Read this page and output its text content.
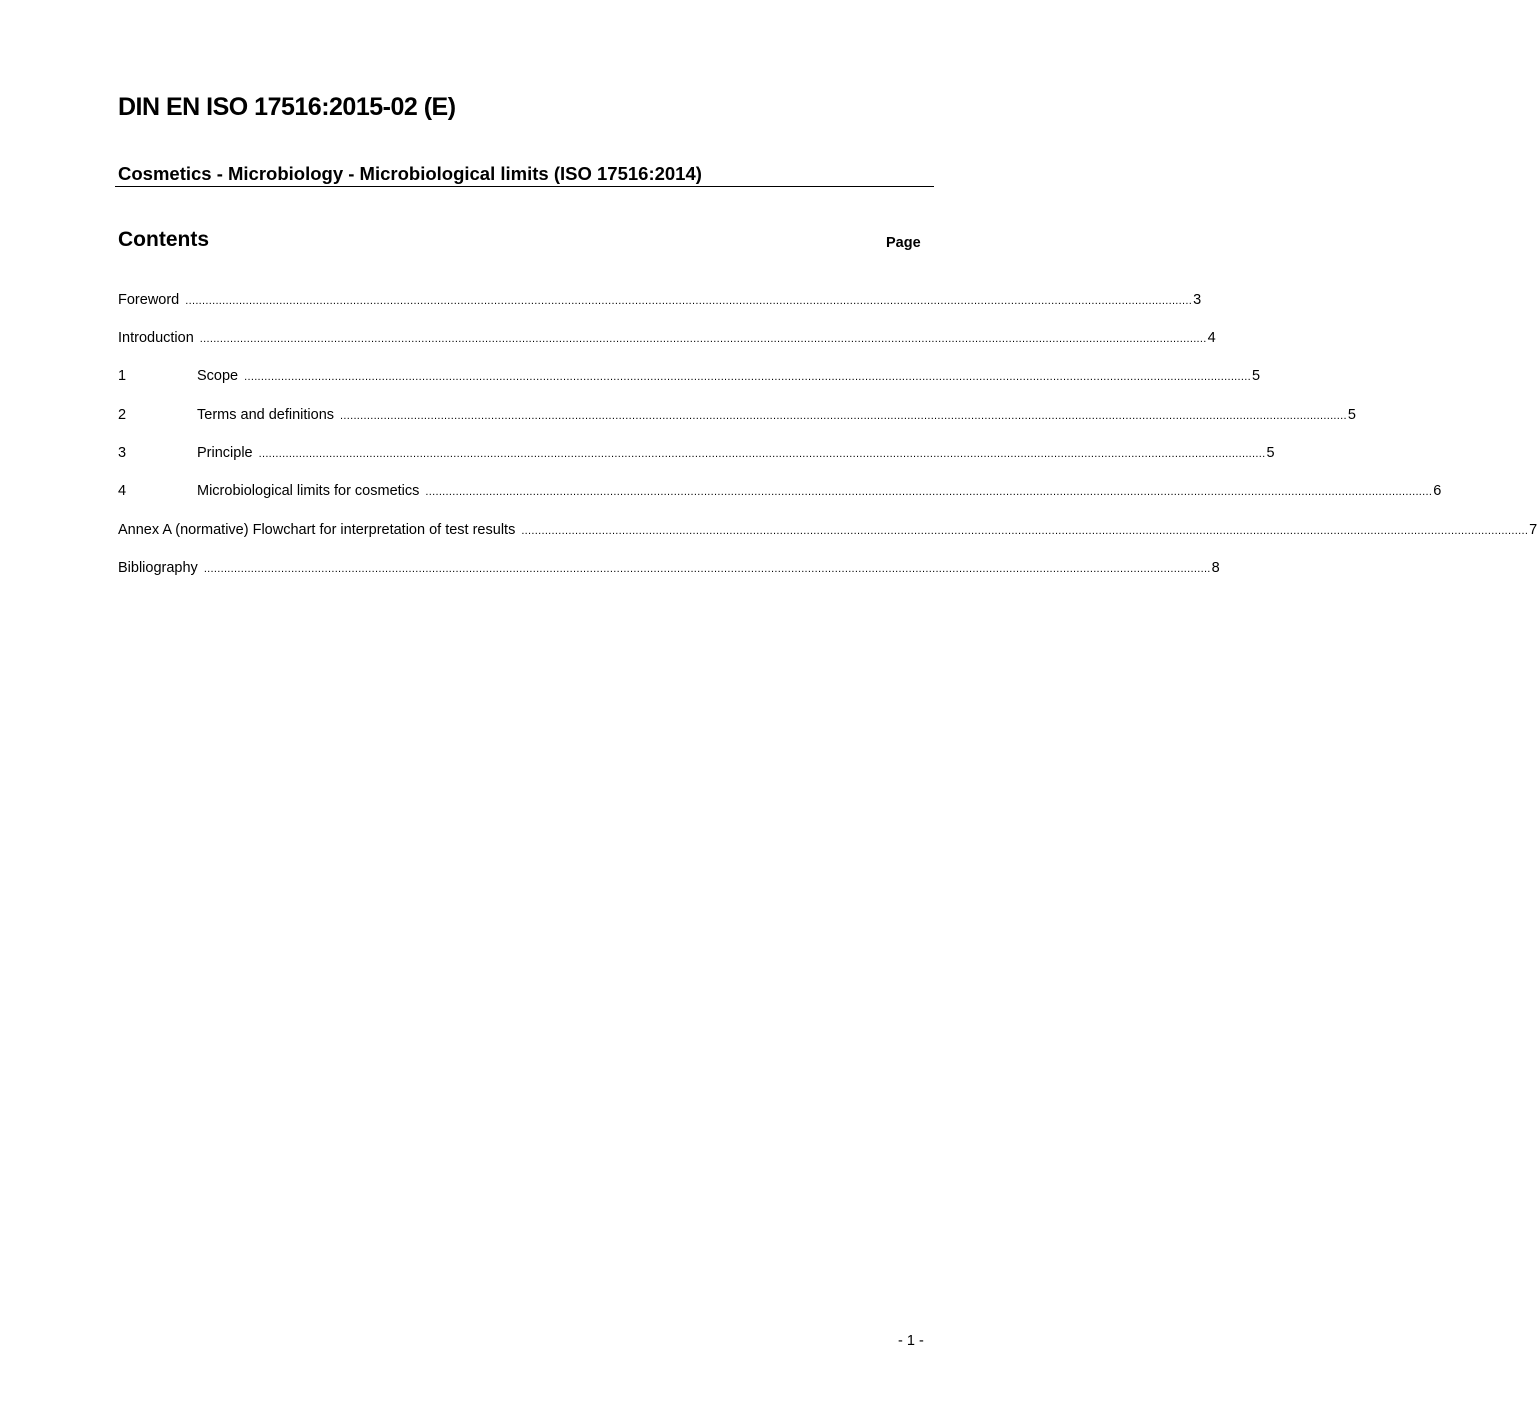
DIN EN ISO 17516:2015-02 (E)
Cosmetics - Microbiology - Microbiological limits (ISO 17516:2014)
Contents	Page
Foreword ............................................................................................................................................................................................................................................................................................................ 3
Introduction ............................................................................................................................................................................................................................................................................................................ 4
1	Scope ............................................................................................................................................................................................................................................................................................................ 5
2	Terms and definitions ............................................................................................................................................................................................................................................................................................................ 5
3	Principle ............................................................................................................................................................................................................................................................................................................ 5
4	Microbiological limits for cosmetics ............................................................................................................................................................................................................................................................................................................ 6
Annex A (normative) Flowchart for interpretation of test results ............................................................................................................................................................................................................................................................................................................ 7
Bibliography ............................................................................................................................................................................................................................................................................................................ 8
- 1 -
